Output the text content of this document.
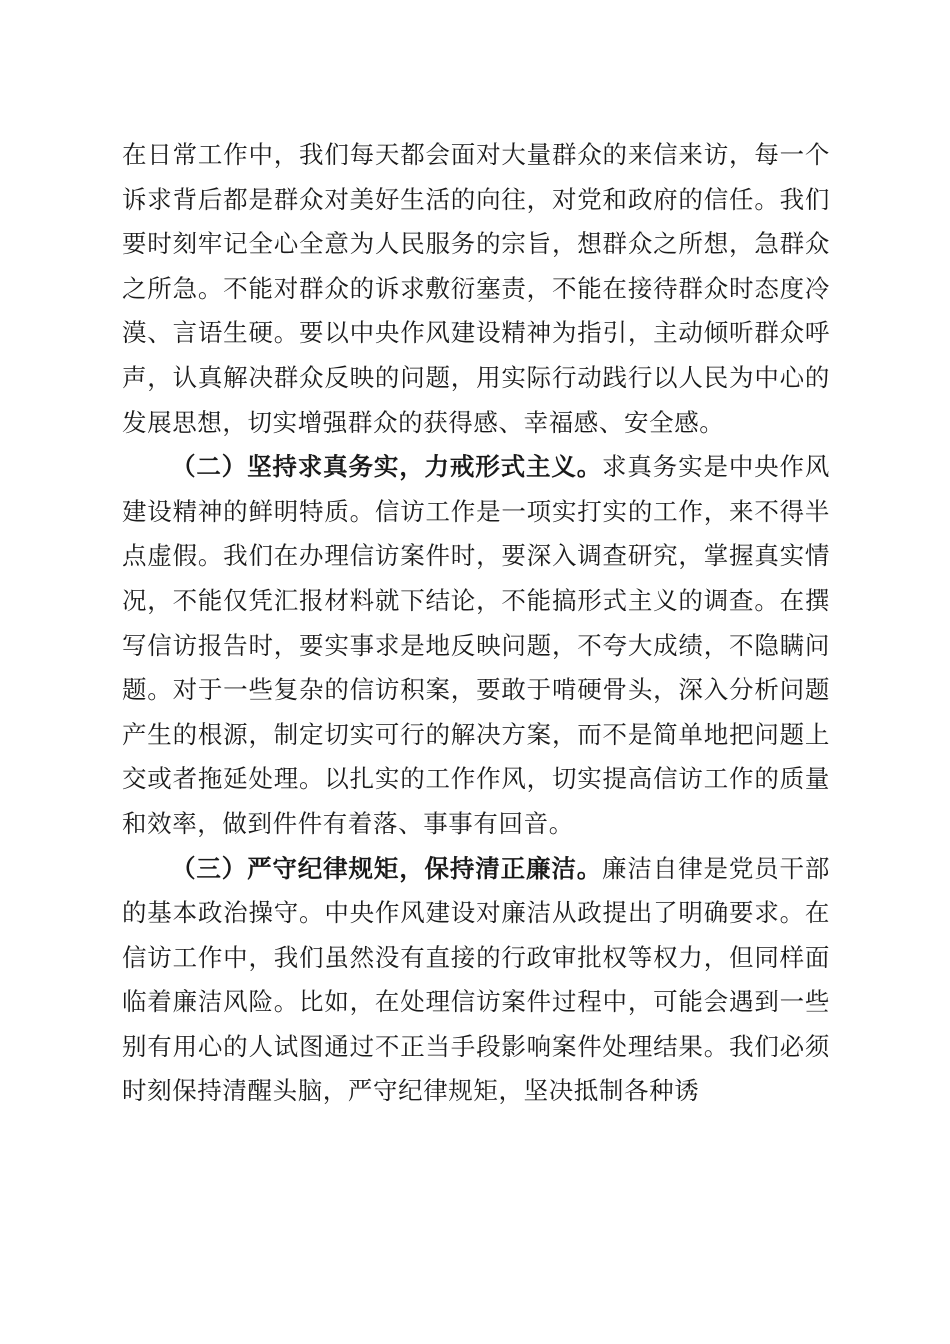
在日常工作中，我们每天都会面对大量群众的来信来访，每一个诉求背后都是群众对美好生活的向往，对党和政府的信任。我们要时刻牢记全心全意为人民服务的宗旨，想群众之所想，急群众之所急。不能对群众的诉求敷衍塞责，不能在接待群众时态度冷漠、言语生硬。要以中央作风建设精神为指引，主动倾听群众呼声，认真解决群众反映的问题，用实际行动践行以人民为中心的发展思想，切实增强群众的获得感、幸福感、安全感。

（二）坚持求真务实，力戒形式主义。求真务实是中央作风建设精神的鲜明特质。信访工作是一项实打实的工作，来不得半点虚假。我们在办理信访案件时，要深入调查研究，掌握真实情况，不能仅凭汇报材料就下结论，不能搞形式主义的调查。在撰写信访报告时，要实事求是地反映问题，不夸大成绩，不隐瞒问题。对于一些复杂的信访积案，要敢于啃硬骨头，深入分析问题产生的根源，制定切实可行的解决方案，而不是简单地把问题上交或者拖延处理。以扎实的工作作风，切实提高信访工作的质量和效率，做到件件有着落、事事有回音。

（三）严守纪律规矩，保持清正廉洁。廉洁自律是党员干部的基本政治操守。中央作风建设对廉洁从政提出了明确要求。在信访工作中，我们虽然没有直接的行政审批权等权力，但同样面临着廉洁风险。比如，在处理信访案件过程中，可能会遇到一些别有用心的人试图通过不正当手段影响案件处理结果。我们必须时刻保持清醒头脑，严守纪律规矩，坚决抵制各种诱
